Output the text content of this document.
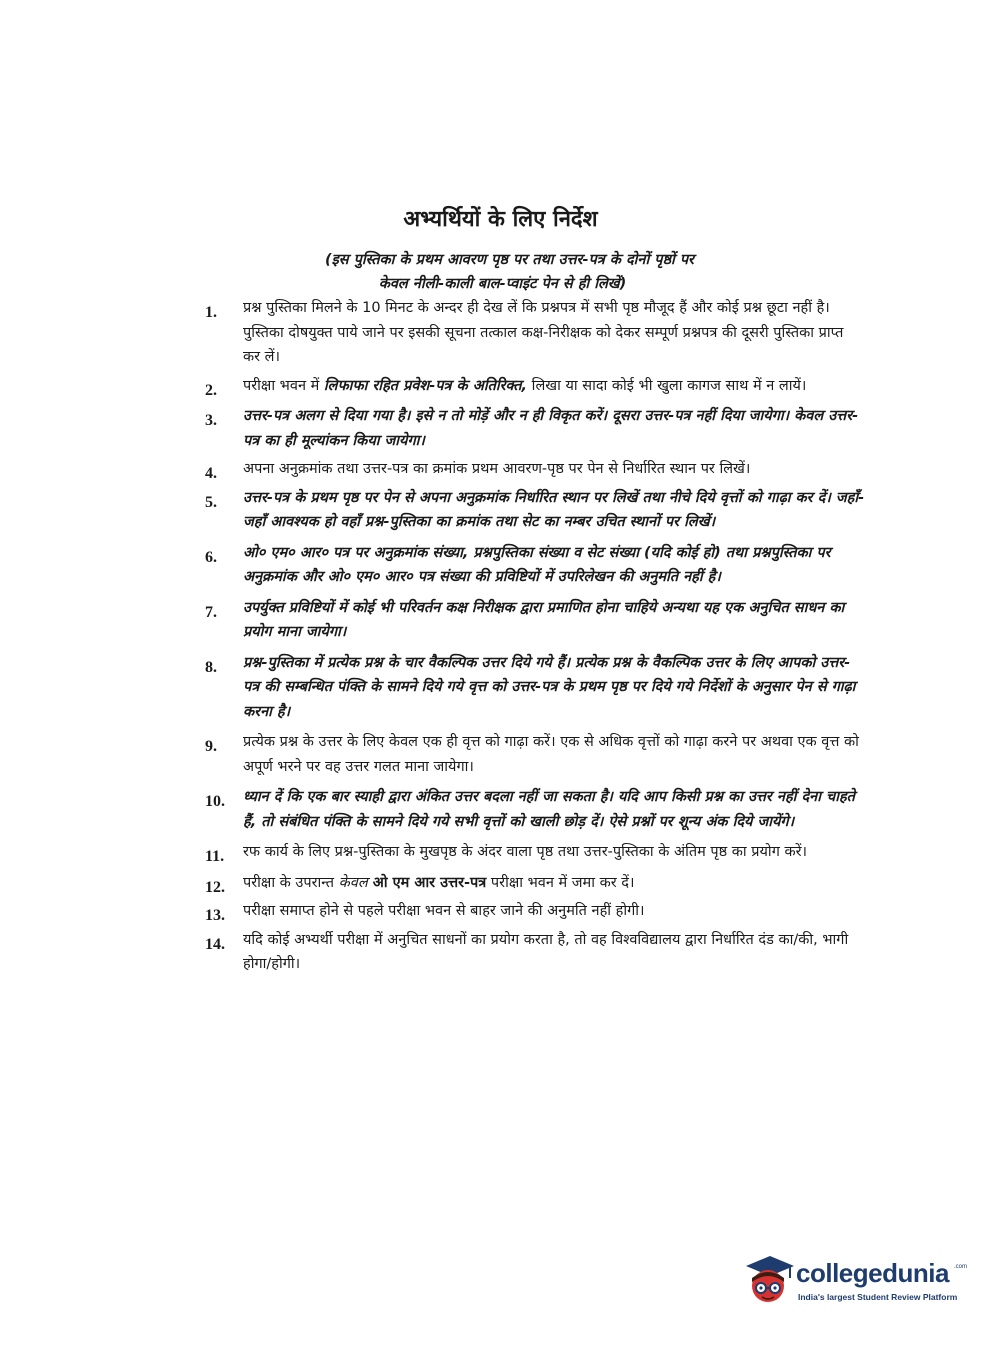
अभ्यर्थियों के लिए निर्देश
(इस पुस्तिका के प्रथम आवरण पृष्ठ पर तथा उत्तर-पत्र के दोनों पृष्ठों पर
केवल नीली-काली बाल-प्वाइंट पेन से ही लिखें)
1. प्रश्न पुस्तिका मिलने के 10 मिनट के अन्दर ही देख लें कि प्रश्नपत्र में सभी पृष्ठ मौजूद हैं और कोई प्रश्न छूटा नहीं है। पुस्तिका दोषयुक्त पाये जाने पर इसकी सूचना तत्काल कक्ष-निरीक्षक को देकर सम्पूर्ण प्रश्नपत्र की दूसरी पुस्तिका प्राप्त कर लें।
2. परीक्षा भवन में लिफाफा रहित प्रवेश-पत्र के अतिरिक्त, लिखा या सादा कोई भी खुला कागज साथ में न लायें।
3. उत्तर-पत्र अलग से दिया गया है। इसे न तो मोड़ें और न ही विकृत करें। दूसरा उत्तर-पत्र नहीं दिया जायेगा। केवल उत्तर-पत्र का ही मूल्यांकन किया जायेगा।
4. अपना अनुक्रमांक तथा उत्तर-पत्र का क्रमांक प्रथम आवरण-पृष्ठ पर पेन से निर्धारित स्थान पर लिखें।
5. उत्तर-पत्र के प्रथम पृष्ठ पर पेन से अपना अनुक्रमांक निर्धारित स्थान पर लिखें तथा नीचे दिये वृत्तों को गाढ़ा कर दें। जहाँ-जहाँ आवश्यक हो वहाँ प्रश्न-पुस्तिका का क्रमांक तथा सेट का नम्बर उचित स्थानों पर लिखें।
6. ओ० एम० आर० पत्र पर अनुक्रमांक संख्या, प्रश्नपुस्तिका संख्या व सेट संख्या (यदि कोई हो) तथा प्रश्नपुस्तिका पर अनुक्रमांक और ओ० एम० आर० पत्र संख्या की प्रविष्टियों में उपरिलेखन की अनुमति नहीं है।
7. उपर्युक्त प्रविष्टियों में कोई भी परिवर्तन कक्ष निरीक्षक द्वारा प्रमाणित होना चाहिये अन्यथा यह एक अनुचित साधन का प्रयोग माना जायेगा।
8. प्रश्न-पुस्तिका में प्रत्येक प्रश्न के चार वैकल्पिक उत्तर दिये गये हैं। प्रत्येक प्रश्न के वैकल्पिक उत्तर के लिए आपको उत्तर-पत्र की सम्बन्धित पंक्ति के सामने दिये गये वृत्त को उत्तर-पत्र के प्रथम पृष्ठ पर दिये गये निर्देशों के अनुसार पेन से गाढ़ा करना है।
9. प्रत्येक प्रश्न के उत्तर के लिए केवल एक ही वृत्त को गाढ़ा करें। एक से अधिक वृत्तों को गाढ़ा करने पर अथवा एक वृत्त को अपूर्ण भरने पर वह उत्तर गलत माना जायेगा।
10. ध्यान दें कि एक बार स्याही द्वारा अंकित उत्तर बदला नहीं जा सकता है। यदि आप किसी प्रश्न का उत्तर नहीं देना चाहते हैं, तो संबंधित पंक्ति के सामने दिये गये सभी वृत्तों को खाली छोड़ दें। ऐसे प्रश्नों पर शून्य अंक दिये जायेंगे।
11. रफ कार्य के लिए प्रश्न-पुस्तिका के मुखपृष्ठ के अंदर वाला पृष्ठ तथा उत्तर-पुस्तिका के अंतिम पृष्ठ का प्रयोग करें।
12. परीक्षा के उपरान्त केवल ओ एम आर उत्तर-पत्र परीक्षा भवन में जमा कर दें।
13. परीक्षा समाप्त होने से पहले परीक्षा भवन से बाहर जाने की अनुमति नहीं होगी।
14. यदि कोई अभ्यर्थी परीक्षा में अनुचित साधनों का प्रयोग करता है, तो वह विश्वविद्यालय द्वारा निर्धारित दंड का/की, भागी होगा/होगी।
collegedunia .com
India's largest Student Review Platform
